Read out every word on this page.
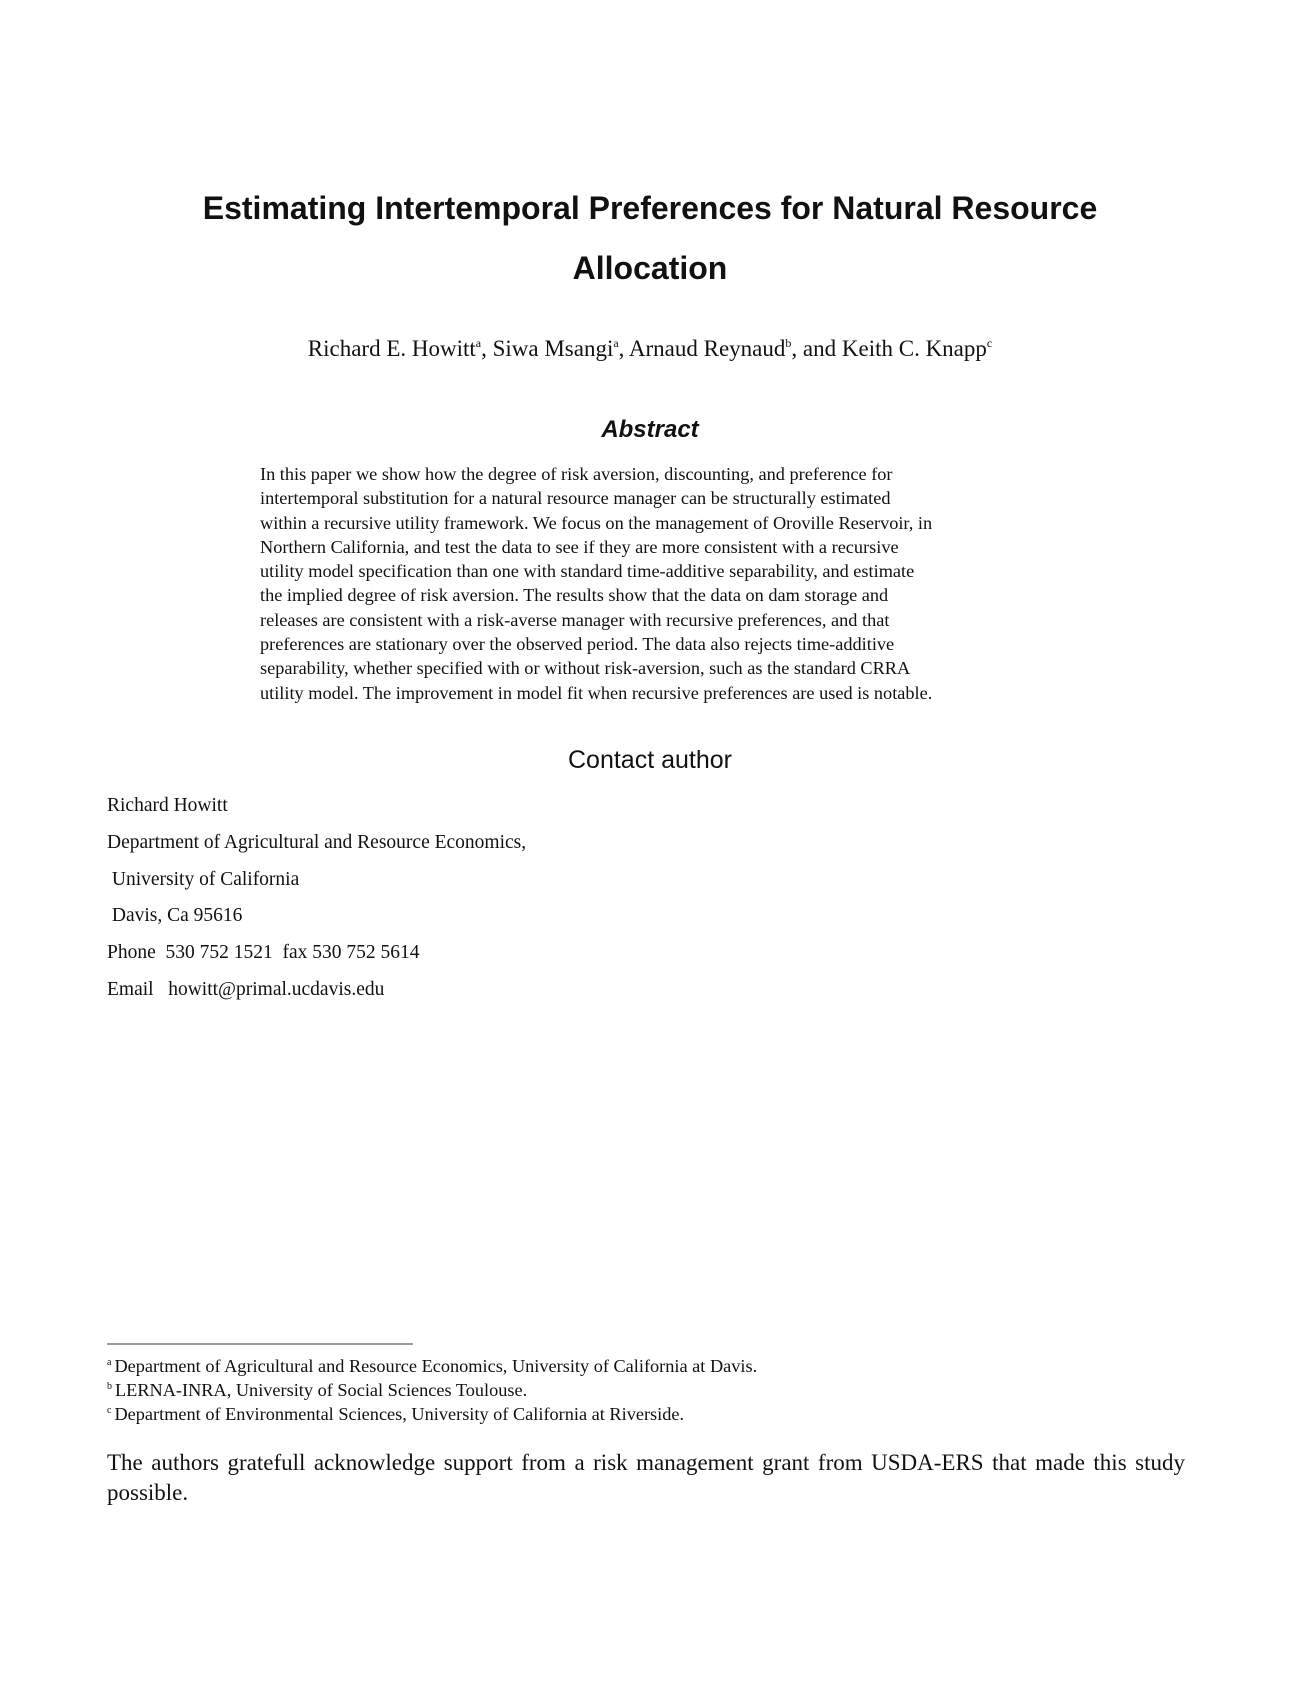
Estimating Intertemporal Preferences for Natural Resource
Allocation
Richard E. Howitt$^a$, Siwa Msangi$^a$, Arnaud Reynaud$^b$, and Keith C. Knapp$^c$
Abstract
In this paper we show how the degree of risk aversion, discounting, and preference for
intertemporal substitution for a natural resource manager can be structurally estimated
within a recursive utility framework. We focus on the management of Oroville Reservoir, in
Northern California, and test the data to see if they are more consistent with a recursive
utility model specification than one with standard time-additive separability, and estimate
the implied degree of risk aversion. The results show that the data on dam storage and
releases are consistent with a risk-averse manager with recursive preferences, and that
preferences are stationary over the observed period. The data also rejects time-additive
separability, whether specified with or without risk-aversion, such as the standard CRRA
utility model. The improvement in model fit when recursive preferences are used is notable.
Contact author
Richard Howitt
Department of Agricultural and Resource Economics,
University of California
Davis, Ca 95616
Phone  530 752 1521  fax 530 752 5614
Email   howitt@primal.ucdavis.edu
$^a$ Department of Agricultural and Resource Economics, University of California at Davis.
$^b$ LERNA-INRA, University of Social Sciences Toulouse.
$^c$ Department of Environmental Sciences, University of California at Riverside.

The authors gratefull acknowledge support from a risk management grant from USDA-ERS that made this study possible.
